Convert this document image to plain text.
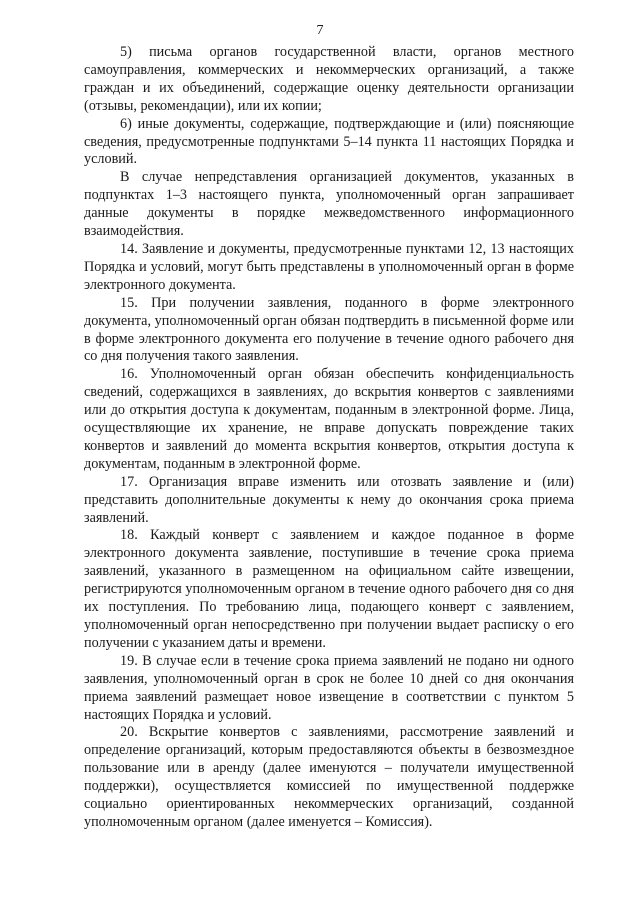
7

5) письма органов государственной власти, органов местного самоуправления, коммерческих и некоммерческих организаций, а также граждан и их объединений, содержащие оценку деятельности организации (отзывы, рекомендации), или их копии;

6) иные документы, содержащие, подтверждающие и (или) поясняющие сведения, предусмотренные подпунктами 5–14 пункта 11 настоящих Порядка и условий.

В случае непредставления организацией документов, указанных в подпунктах 1–3 настоящего пункта, уполномоченный орган запрашивает данные документы в порядке межведомственного информационного взаимодействия.

14. Заявление и документы, предусмотренные пунктами 12, 13 настоящих Порядка и условий, могут быть представлены в уполномоченный орган в форме электронного документа.

15. При получении заявления, поданного в форме электронного документа, уполномоченный орган обязан подтвердить в письменной форме или в форме электронного документа его получение в течение одного рабочего дня со дня получения такого заявления.

16. Уполномоченный орган обязан обеспечить конфиденциальность сведений, содержащихся в заявлениях, до вскрытия конвертов с заявлениями или до открытия доступа к документам, поданным в электронной форме. Лица, осуществляющие их хранение, не вправе допускать повреждение таких конвертов и заявлений до момента вскрытия конвертов, открытия доступа к документам, поданным в электронной форме.

17. Организация вправе изменить или отозвать заявление и (или) представить дополнительные документы к нему до окончания срока приема заявлений.

18. Каждый конверт с заявлением и каждое поданное в форме электронного документа заявление, поступившие в течение срока приема заявлений, указанного в размещенном на официальном сайте извещении, регистрируются уполномоченным органом в течение одного рабочего дня со дня их поступления. По требованию лица, подающего конверт с заявлением, уполномоченный орган непосредственно при получении выдает расписку о его получении с указанием даты и времени.

19. В случае если в течение срока приема заявлений не подано ни одного заявления, уполномоченный орган в срок не более 10 дней со дня окончания приема заявлений размещает новое извещение в соответствии с пунктом 5 настоящих Порядка и условий.

20. Вскрытие конвертов с заявлениями, рассмотрение заявлений и определение организаций, которым предоставляются объекты в безвозмездное пользование или в аренду (далее именуются – получатели имущественной поддержки), осуществляется комиссией по имущественной поддержке социально ориентированных некоммерческих организаций, созданной уполномоченным органом (далее именуется – Комиссия).
